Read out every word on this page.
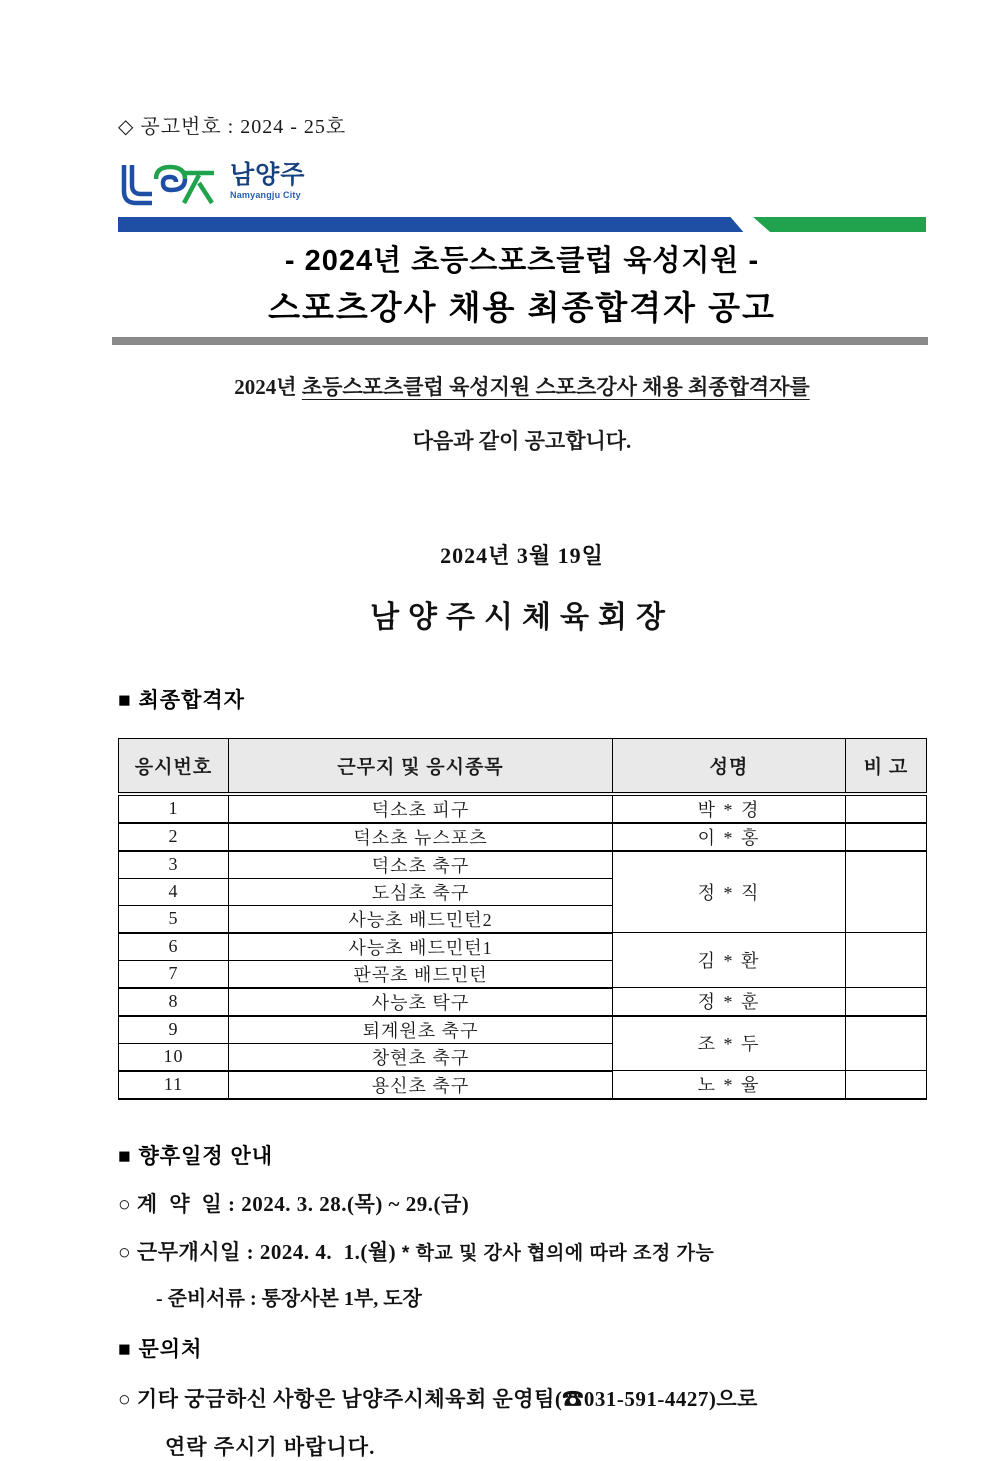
◇ 공고번호 : 2024 - 25호
남양주
Namyangju City
- 2024년 초등스포츠클럽 육성지원 -
스포츠강사 채용 최종합격자 공고
2024년 초등스포츠클럽 육성지원 스포츠강사 채용 최종합격자를
다음과 같이 공고합니다.
2024년 3월 19일
남양주시체육회장
■ 최종합격자
응시번호	근무지 및 응시종목	성명	비 고
1	덕소초 피구	박 * 경	
2	덕소초 뉴스포츠	이 * 홍	
3	덕소초 축구	정 * 직	
4	도심초 축구		
5	사능초 배드민턴2		
6	사능초 배드민턴1	김 * 환	
7	판곡초 배드민턴		
8	사능초 탁구	정 * 훈	
9	퇴계원초 축구	조 * 두	
10	창현초 축구		
11	용신초 축구	노 * 율	
■ 향후일정 안내
○ 계  약  일 : 2024. 3. 28.(목) ~ 29.(금)
○ 근무개시일 : 2024. 4.  1.(월) * 학교 및 강사 협의에 따라 조정 가능
- 준비서류 : 통장사본 1부, 도장
■ 문의처
○ 기타 궁금하신 사항은 남양주시체육회 운영팀(☎031-591-4427)으로
연락 주시기 바랍니다.
